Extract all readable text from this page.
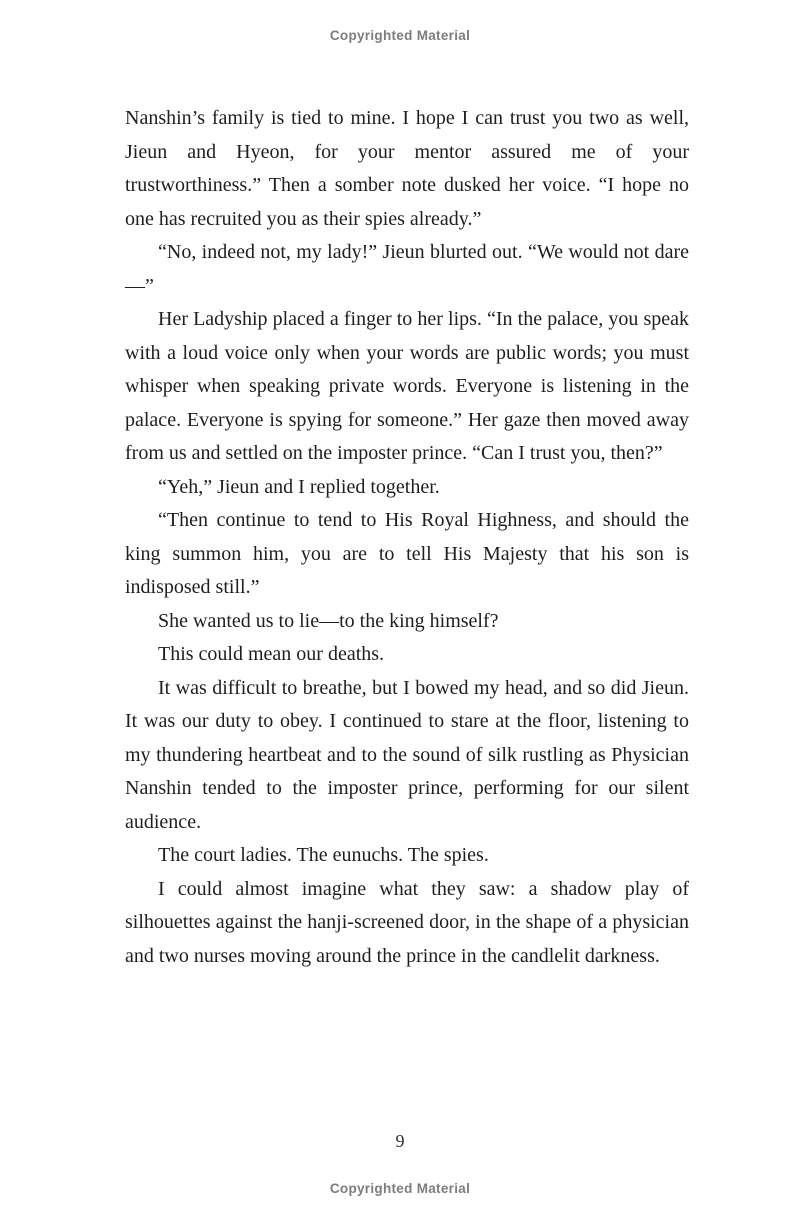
Copyrighted Material

Nanshin’s family is tied to mine. I hope I can trust you two as well, Jieun and Hyeon, for your mentor assured me of your trustworthiness.” Then a somber note dusked her voice. “I hope no one has recruited you as their spies already.”

“No, indeed not, my lady!” Jieun blurted out. “We would not dare—”

Her Ladyship placed a finger to her lips. “In the palace, you speak with a loud voice only when your words are public words; you must whisper when speaking private words. Everyone is listening in the palace. Everyone is spying for someone.” Her gaze then moved away from us and settled on the imposter prince. “Can I trust you, then?”

“Yeh,” Jieun and I replied together.

“Then continue to tend to His Royal Highness, and should the king summon him, you are to tell His Majesty that his son is indisposed still.”

She wanted us to lie—to the king himself?

This could mean our deaths.

It was difficult to breathe, but I bowed my head, and so did Jieun. It was our duty to obey. I continued to stare at the floor, listening to my thundering heartbeat and to the sound of silk rustling as Physician Nanshin tended to the imposter prince, performing for our silent audience.

The court ladies. The eunuchs. The spies.

I could almost imagine what they saw: a shadow play of silhouettes against the hanji-screened door, in the shape of a physician and two nurses moving around the prince in the candlelit darkness.

9
Copyrighted Material
